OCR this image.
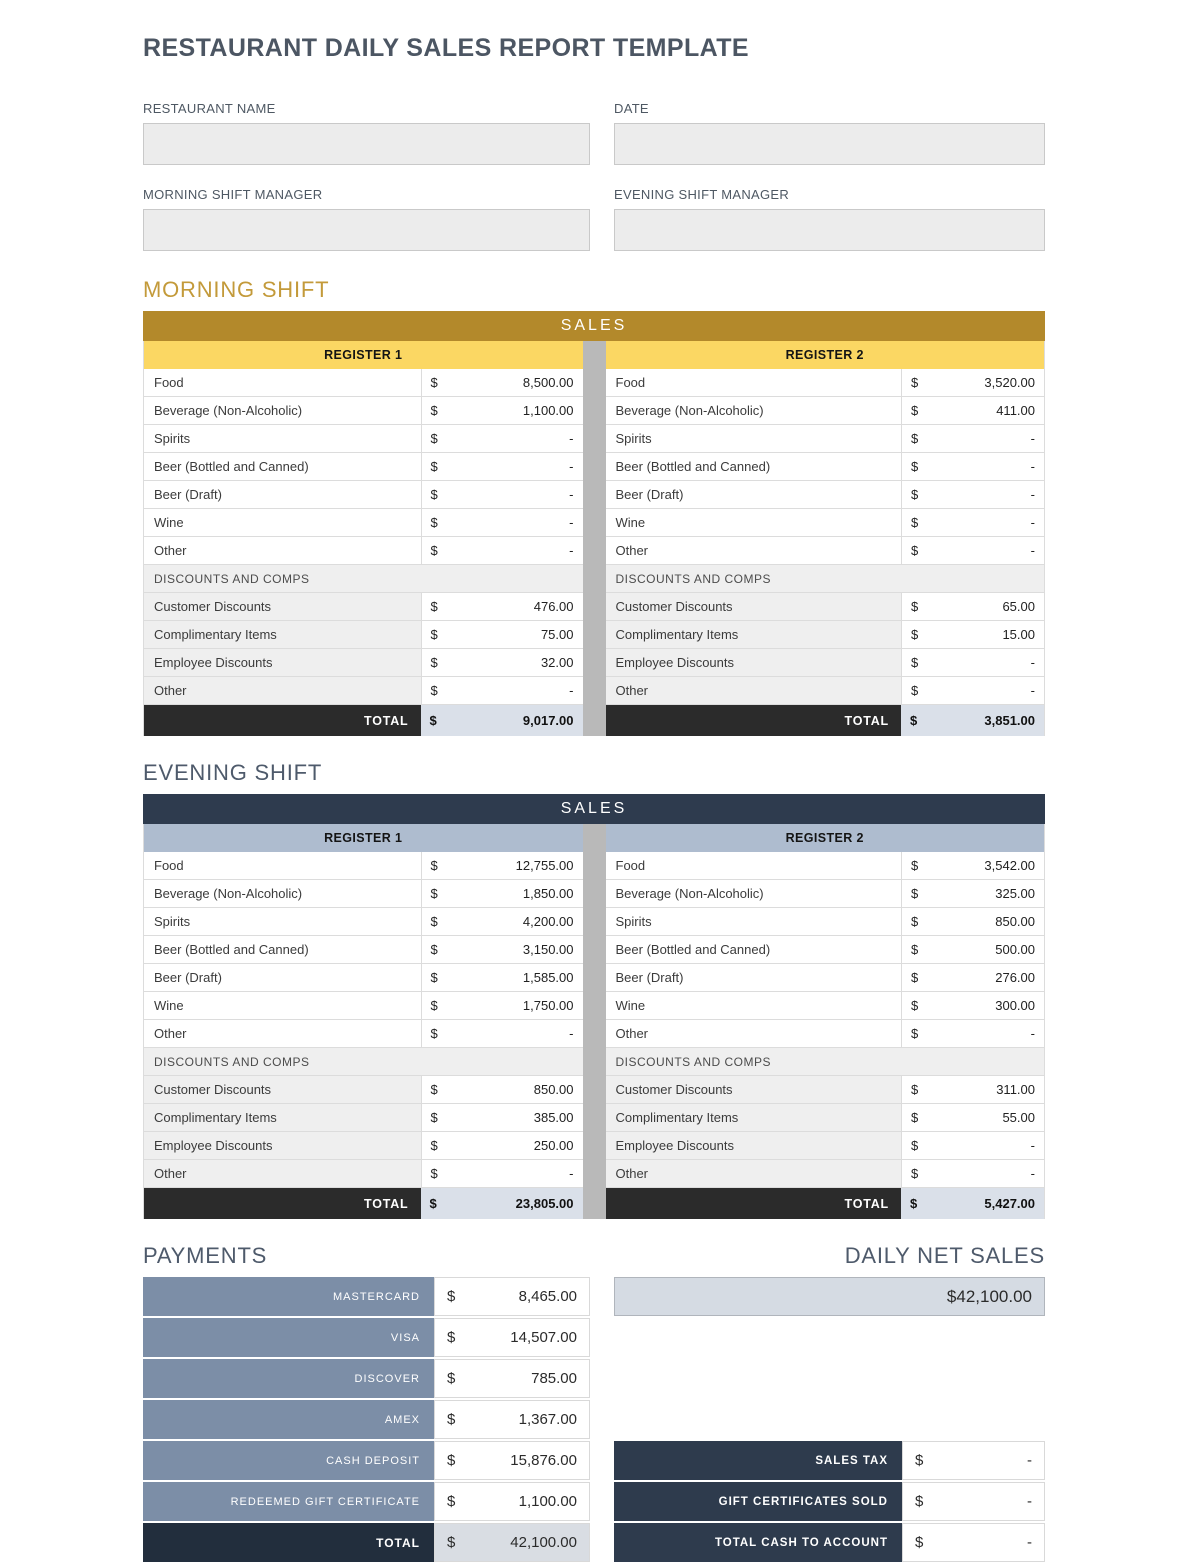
RESTAURANT DAILY SALES REPORT TEMPLATE
RESTAURANT NAME	DATE
MORNING SHIFT MANAGER	EVENING SHIFT MANAGER
MORNING SHIFT
SALES
REGISTER 1
Food	$	8,500.00
Beverage (Non-Alcoholic)	$	1,100.00
Spirits	$	-
Beer (Bottled and Canned)	$	-
Beer (Draft)	$	-
Wine	$	-
Other	$	-
DISCOUNTS AND COMPS
Customer Discounts	$	476.00
Complimentary Items	$	75.00
Employee Discounts	$	32.00
Other	$	-
TOTAL	$	9,017.00
REGISTER 2
Food	$	3,520.00
Beverage (Non-Alcoholic)	$	411.00
Spirits	$	-
Beer (Bottled and Canned)	$	-
Beer (Draft)	$	-
Wine	$	-
Other	$	-
DISCOUNTS AND COMPS
Customer Discounts	$	65.00
Complimentary Items	$	15.00
Employee Discounts	$	-
Other	$	-
TOTAL	$	3,851.00
EVENING SHIFT
SALES
REGISTER 1
Food	$	12,755.00
Beverage (Non-Alcoholic)	$	1,850.00
Spirits	$	4,200.00
Beer (Bottled and Canned)	$	3,150.00
Beer (Draft)	$	1,585.00
Wine	$	1,750.00
Other	$	-
DISCOUNTS AND COMPS
Customer Discounts	$	850.00
Complimentary Items	$	385.00
Employee Discounts	$	250.00
Other	$	-
TOTAL	$	23,805.00
REGISTER 2
Food	$	3,542.00
Beverage (Non-Alcoholic)	$	325.00
Spirits	$	850.00
Beer (Bottled and Canned)	$	500.00
Beer (Draft)	$	276.00
Wine	$	300.00
Other	$	-
DISCOUNTS AND COMPS
Customer Discounts	$	311.00
Complimentary Items	$	55.00
Employee Discounts	$	-
Other	$	-
TOTAL	$	5,427.00
PAYMENTS
MASTERCARD	$	8,465.00
VISA	$	14,507.00
DISCOVER	$	785.00
AMEX	$	1,367.00
CASH DEPOSIT	$	15,876.00
REDEEMED GIFT CERTIFICATE	$	1,100.00
TOTAL	$	42,100.00
DAILY NET SALES
$42,100.00
SALES TAX	$	-
GIFT CERTIFICATES SOLD	$	-
TOTAL CASH TO ACCOUNT	$	-
